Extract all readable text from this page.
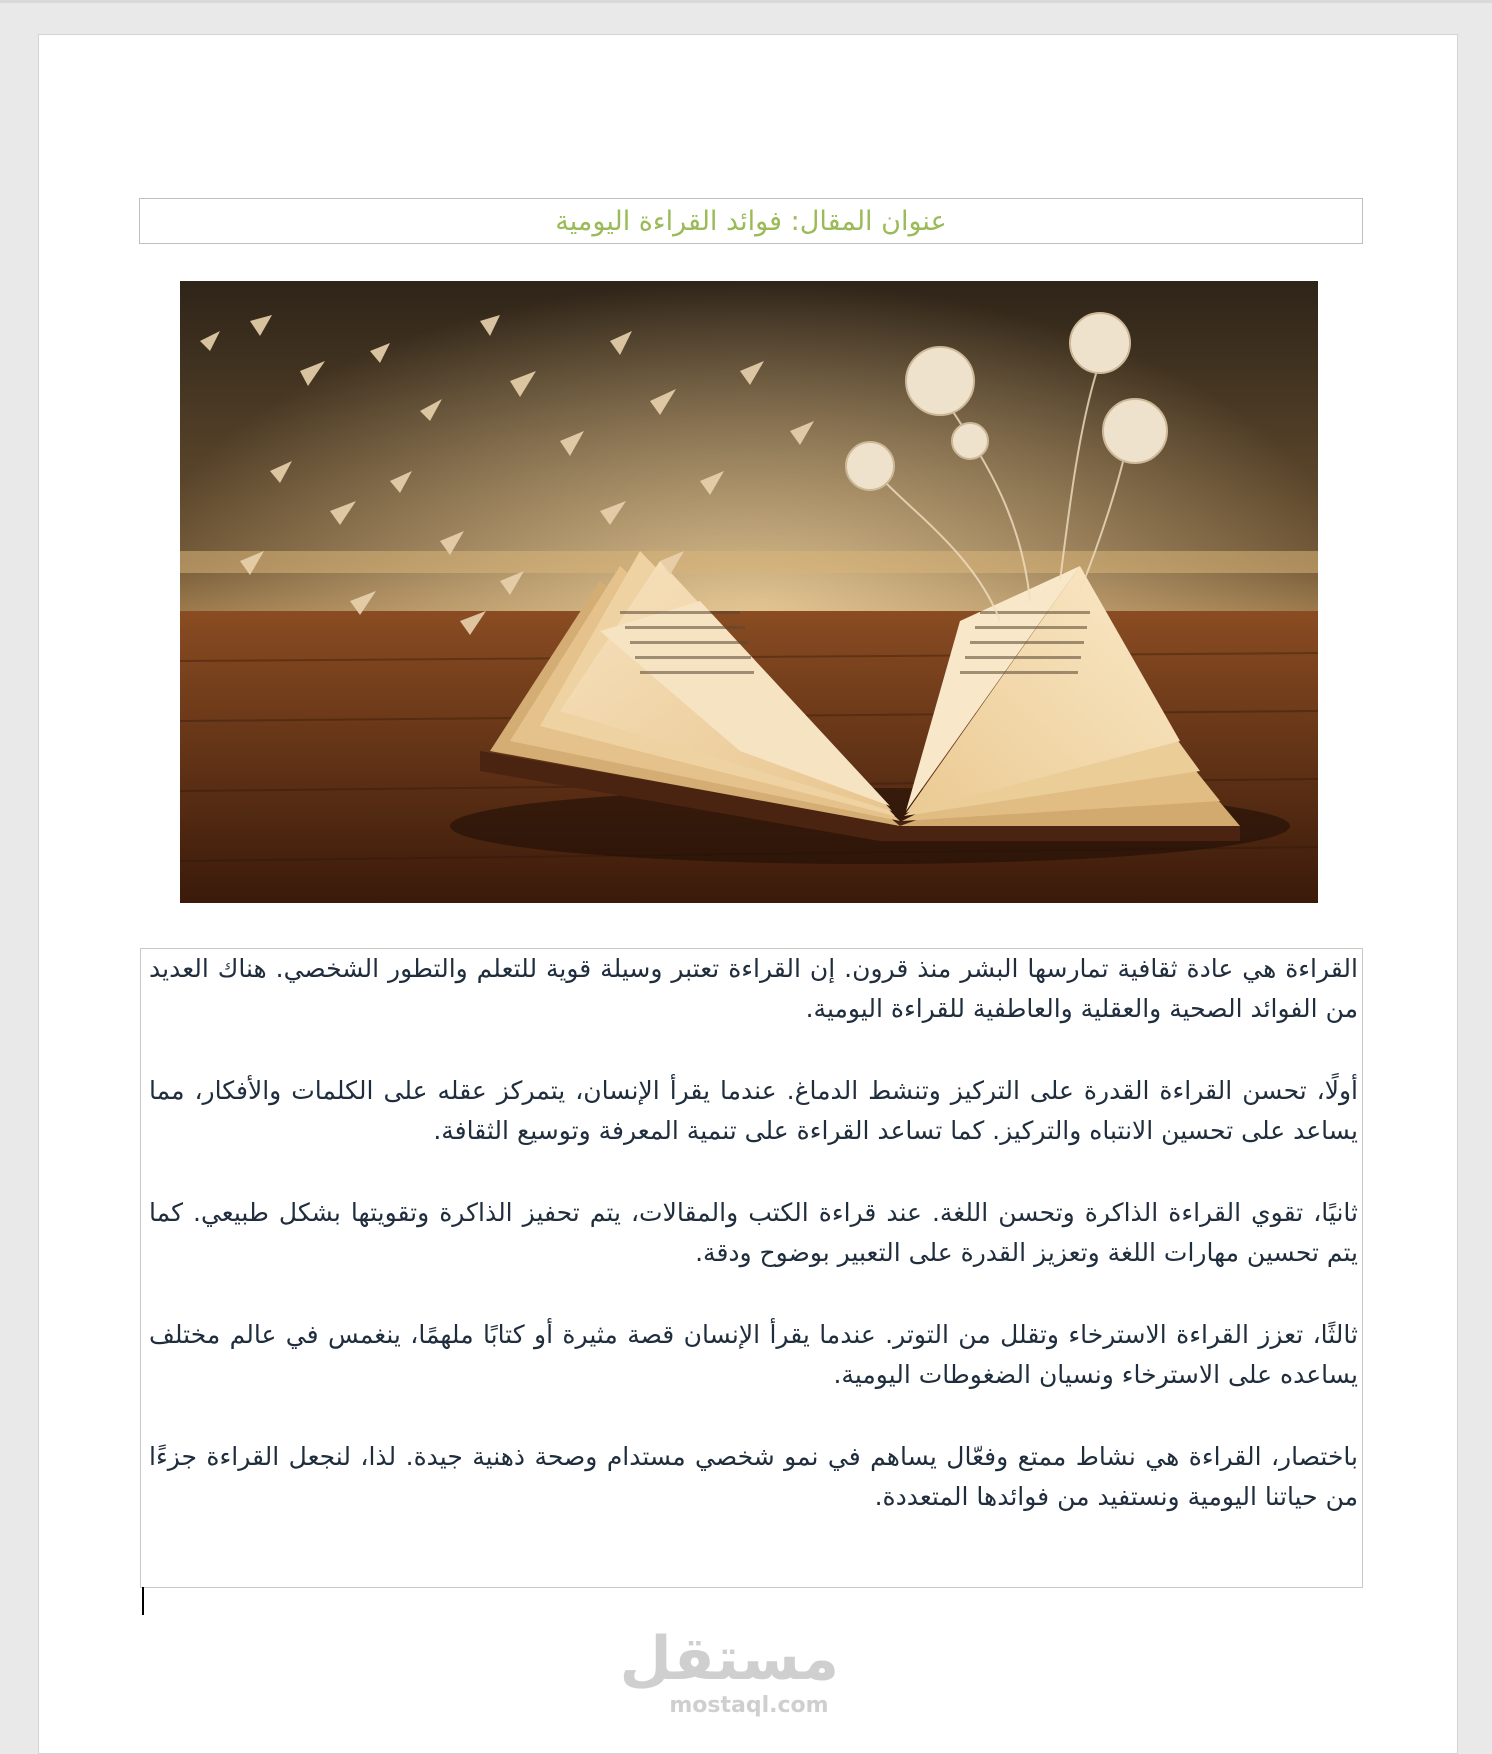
عنوان المقال: فوائد القراءة اليومية

القراءة هي عادة ثقافية تمارسها البشر منذ قرون. إن القراءة تعتبر وسيلة قوية للتعلم والتطور الشخصي. هناك العديد من الفوائد الصحية والعقلية والعاطفية للقراءة اليومية.

أولًا، تحسن القراءة القدرة على التركيز وتنشط الدماغ. عندما يقرأ الإنسان، يتمركز عقله على الكلمات والأفكار، مما يساعد على تحسين الانتباه والتركيز. كما تساعد القراءة على تنمية المعرفة وتوسيع الثقافة.

ثانيًا، تقوي القراءة الذاكرة وتحسن اللغة. عند قراءة الكتب والمقالات، يتم تحفيز الذاكرة وتقويتها بشكل طبيعي. كما يتم تحسين مهارات اللغة وتعزيز القدرة على التعبير بوضوح ودقة.

ثالثًا، تعزز القراءة الاسترخاء وتقلل من التوتر. عندما يقرأ الإنسان قصة مثيرة أو كتابًا ملهمًا، ينغمس في عالم مختلف يساعده على الاسترخاء ونسيان الضغوطات اليومية.

باختصار، القراءة هي نشاط ممتع وفعّال يساهم في نمو شخصي مستدام وصحة ذهنية جيدة. لذا، لنجعل القراءة جزءًا من حياتنا اليومية ونستفيد من فوائدها المتعددة.

مستقل
mostaql.com
